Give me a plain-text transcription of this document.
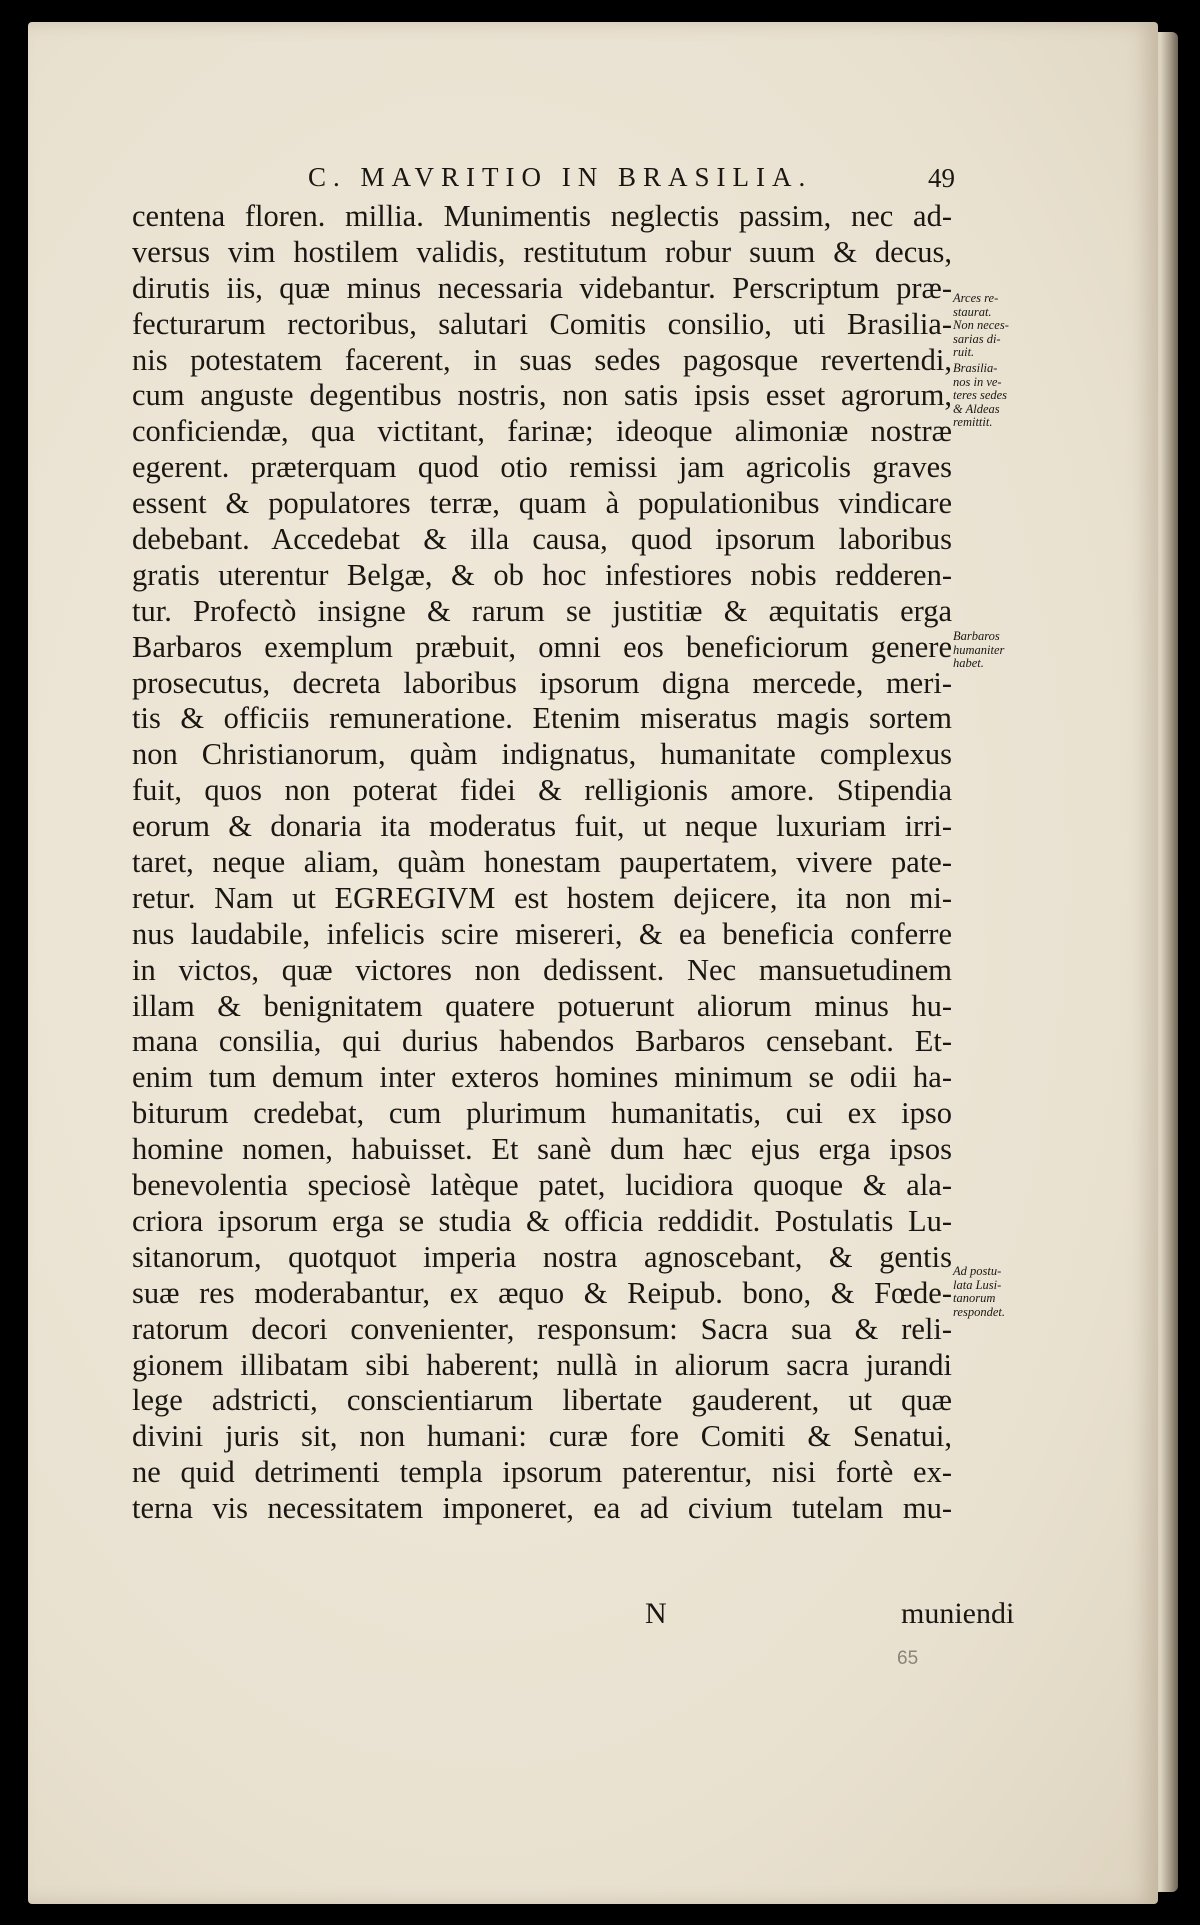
C. MAVRITIO IN BRASILIA.	49
centena floren. millia. Munimentis neglectis passim, nec ad-
versus vim hostilem validis, restitutum robur suum & decus,
dirutis iis, quæ minus necessaria videbantur. Perscriptum præ-
fecturarum rectoribus, salutari Comitis consilio, uti Brasilia-
nis potestatem facerent, in suas sedes pagosque revertendi,
cum anguste degentibus nostris, non satis ipsis esset agrorum,
conficiendæ, qua victitant, farinæ; ideoque alimoniæ nostræ
egerent. præterquam quod otio remissi jam agricolis graves
essent & populatores terræ, quam à populationibus vindicare
debebant. Accedebat & illa causa, quod ipsorum laboribus
gratis uterentur Belgæ, & ob hoc infestiores nobis redderen-
tur. Profectò insigne & rarum se justitiæ & æquitatis erga
Barbaros exemplum præbuit, omni eos beneficiorum genere
prosecutus, decreta laboribus ipsorum digna mercede, meri-
tis & officiis remuneratione. Etenim miseratus magis sortem
non Christianorum, quàm indignatus, humanitate complexus
fuit, quos non poterat fidei & relligionis amore. Stipendia
eorum & donaria ita moderatus fuit, ut neque luxuriam irri-
taret, neque aliam, quàm honestam paupertatem, vivere pate-
retur. Nam ut EGREGIVM est hostem dejicere, ita non mi-
nus laudabile, infelicis scire misereri, & ea beneficia conferre
in victos, quæ victores non dedissent. Nec mansuetudinem
illam & benignitatem quatere potuerunt aliorum minus hu-
mana consilia, qui durius habendos Barbaros censebant. Et-
enim tum demum inter exteros homines minimum se odii ha-
biturum credebat, cum plurimum humanitatis, cui ex ipso
homine nomen, habuisset. Et sanè dum hæc ejus erga ipsos
benevolentia speciosè latèque patet, lucidiora quoque & ala-
criora ipsorum erga se studia & officia reddidit. Postulatis Lu-
sitanorum, quotquot imperia nostra agnoscebant, & gentis
suæ res moderabantur, ex æquo & Reipub. bono, & Fœde-
ratorum decori convenienter, responsum: Sacra sua & reli-
gionem illibatam sibi haberent; nullà in aliorum sacra jurandi
lege adstricti, conscientiarum libertate gauderent, ut quæ
divini juris sit, non humani: curæ fore Comiti & Senatui,
ne quid detrimenti templa ipsorum paterentur, nisi fortè ex-
terna vis necessitatem imponeret, ea ad civium tutelam mu-
Arces re-
staurat.
Non neces-
sarias di-
ruit.
Brasilia-
nos in ve-
teres sedes
& Aldeas
remittit.
Barbaros
humaniter
habet.
Ad postu-
lata Lusi-
tanorum
respondet.
N	muniendi
65
